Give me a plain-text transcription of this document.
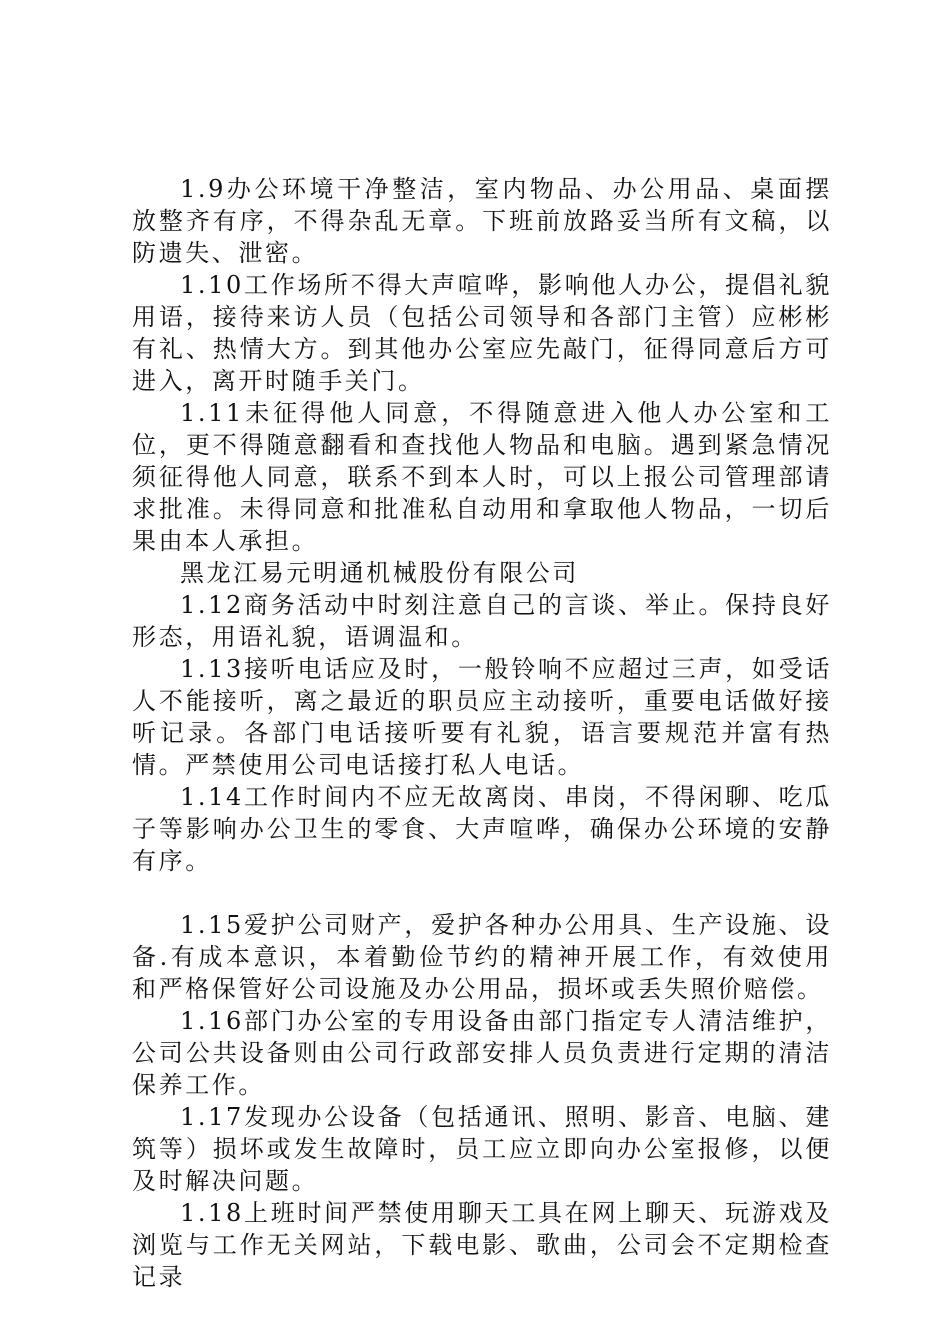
1.9办公环境干净整洁，室内物品、办公用品、桌面摆放整齐有序，不得杂乱无章。下班前放路妥当所有文稿，以防遗失、泄密。

1.10工作场所不得大声喧哗，影响他人办公，提倡礼貌用语，接待来访人员（包括公司领导和各部门主管）应彬彬有礼、热情大方。到其他办公室应先敲门，征得同意后方可进入，离开时随手关门。

1.11未征得他人同意，不得随意进入他人办公室和工位，更不得随意翻看和查找他人物品和电脑。遇到紧急情况须征得他人同意，联系不到本人时，可以上报公司管理部请求批准。未得同意和批准私自动用和拿取他人物品，一切后果由本人承担。

黑龙江易元明通机械股份有限公司

1.12商务活动中时刻注意自己的言谈、举止。保持良好形态，用语礼貌，语调温和。

1.13接听电话应及时，一般铃响不应超过三声，如受话人不能接听，离之最近的职员应主动接听，重要电话做好接听记录。各部门电话接听要有礼貌，语言要规范并富有热情。严禁使用公司电话接打私人电话。

1.14工作时间内不应无故离岗、串岗，不得闲聊、吃瓜子等影响办公卫生的零食、大声喧哗，确保办公环境的安静有序。

1.15爱护公司财产，爱护各种办公用具、生产设施、设备.有成本意识，本着勤俭节约的精神开展工作，有效使用和严格保管好公司设施及办公用品，损坏或丢失照价赔偿。

1.16部门办公室的专用设备由部门指定专人清洁维护，公司公共设备则由公司行政部安排人员负责进行定期的清洁保养工作。

1.17发现办公设备（包括通讯、照明、影音、电脑、建筑等）损坏或发生故障时，员工应立即向办公室报修，以便及时解决问题。

1.18上班时间严禁使用聊天工具在网上聊天、玩游戏及浏览与工作无关网站，下载电影、歌曲，公司会不定期检查记录
